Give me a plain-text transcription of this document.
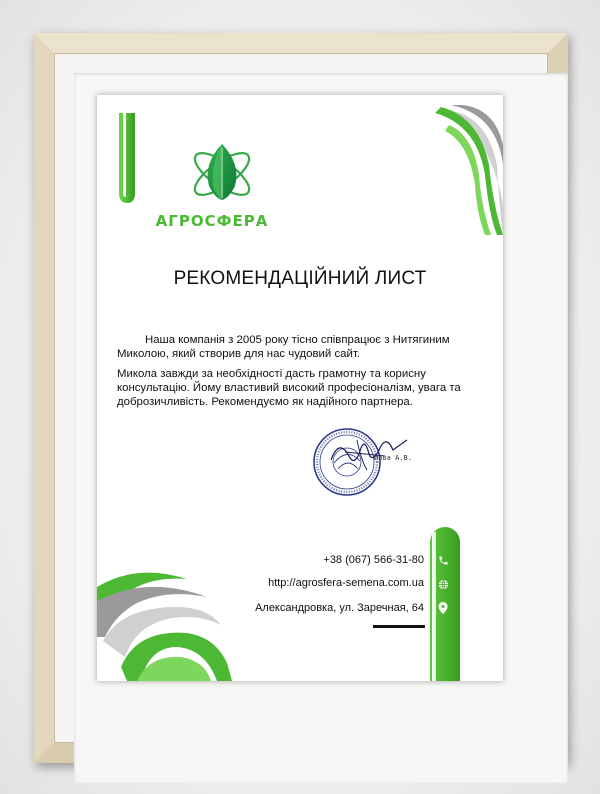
АГРОСФЕРА
РЕКОМЕНДАЦІЙНИЙ ЛИСТ
Наша компанія з 2005 року тісно співпрацює з Нитягиним Миколою, який створив для нас чудовий сайт.
Микола завжди за необхідності дасть грамотну та корисну консультацію. Йому властивий високий професіоналізм, увага та доброзичливість. Рекомендуємо як надійного партнера.
Йова А.В.
+38 (067) 566-31-80
http://agrosfera-semena.com.ua
Александровка, ул. Заречная, 64
